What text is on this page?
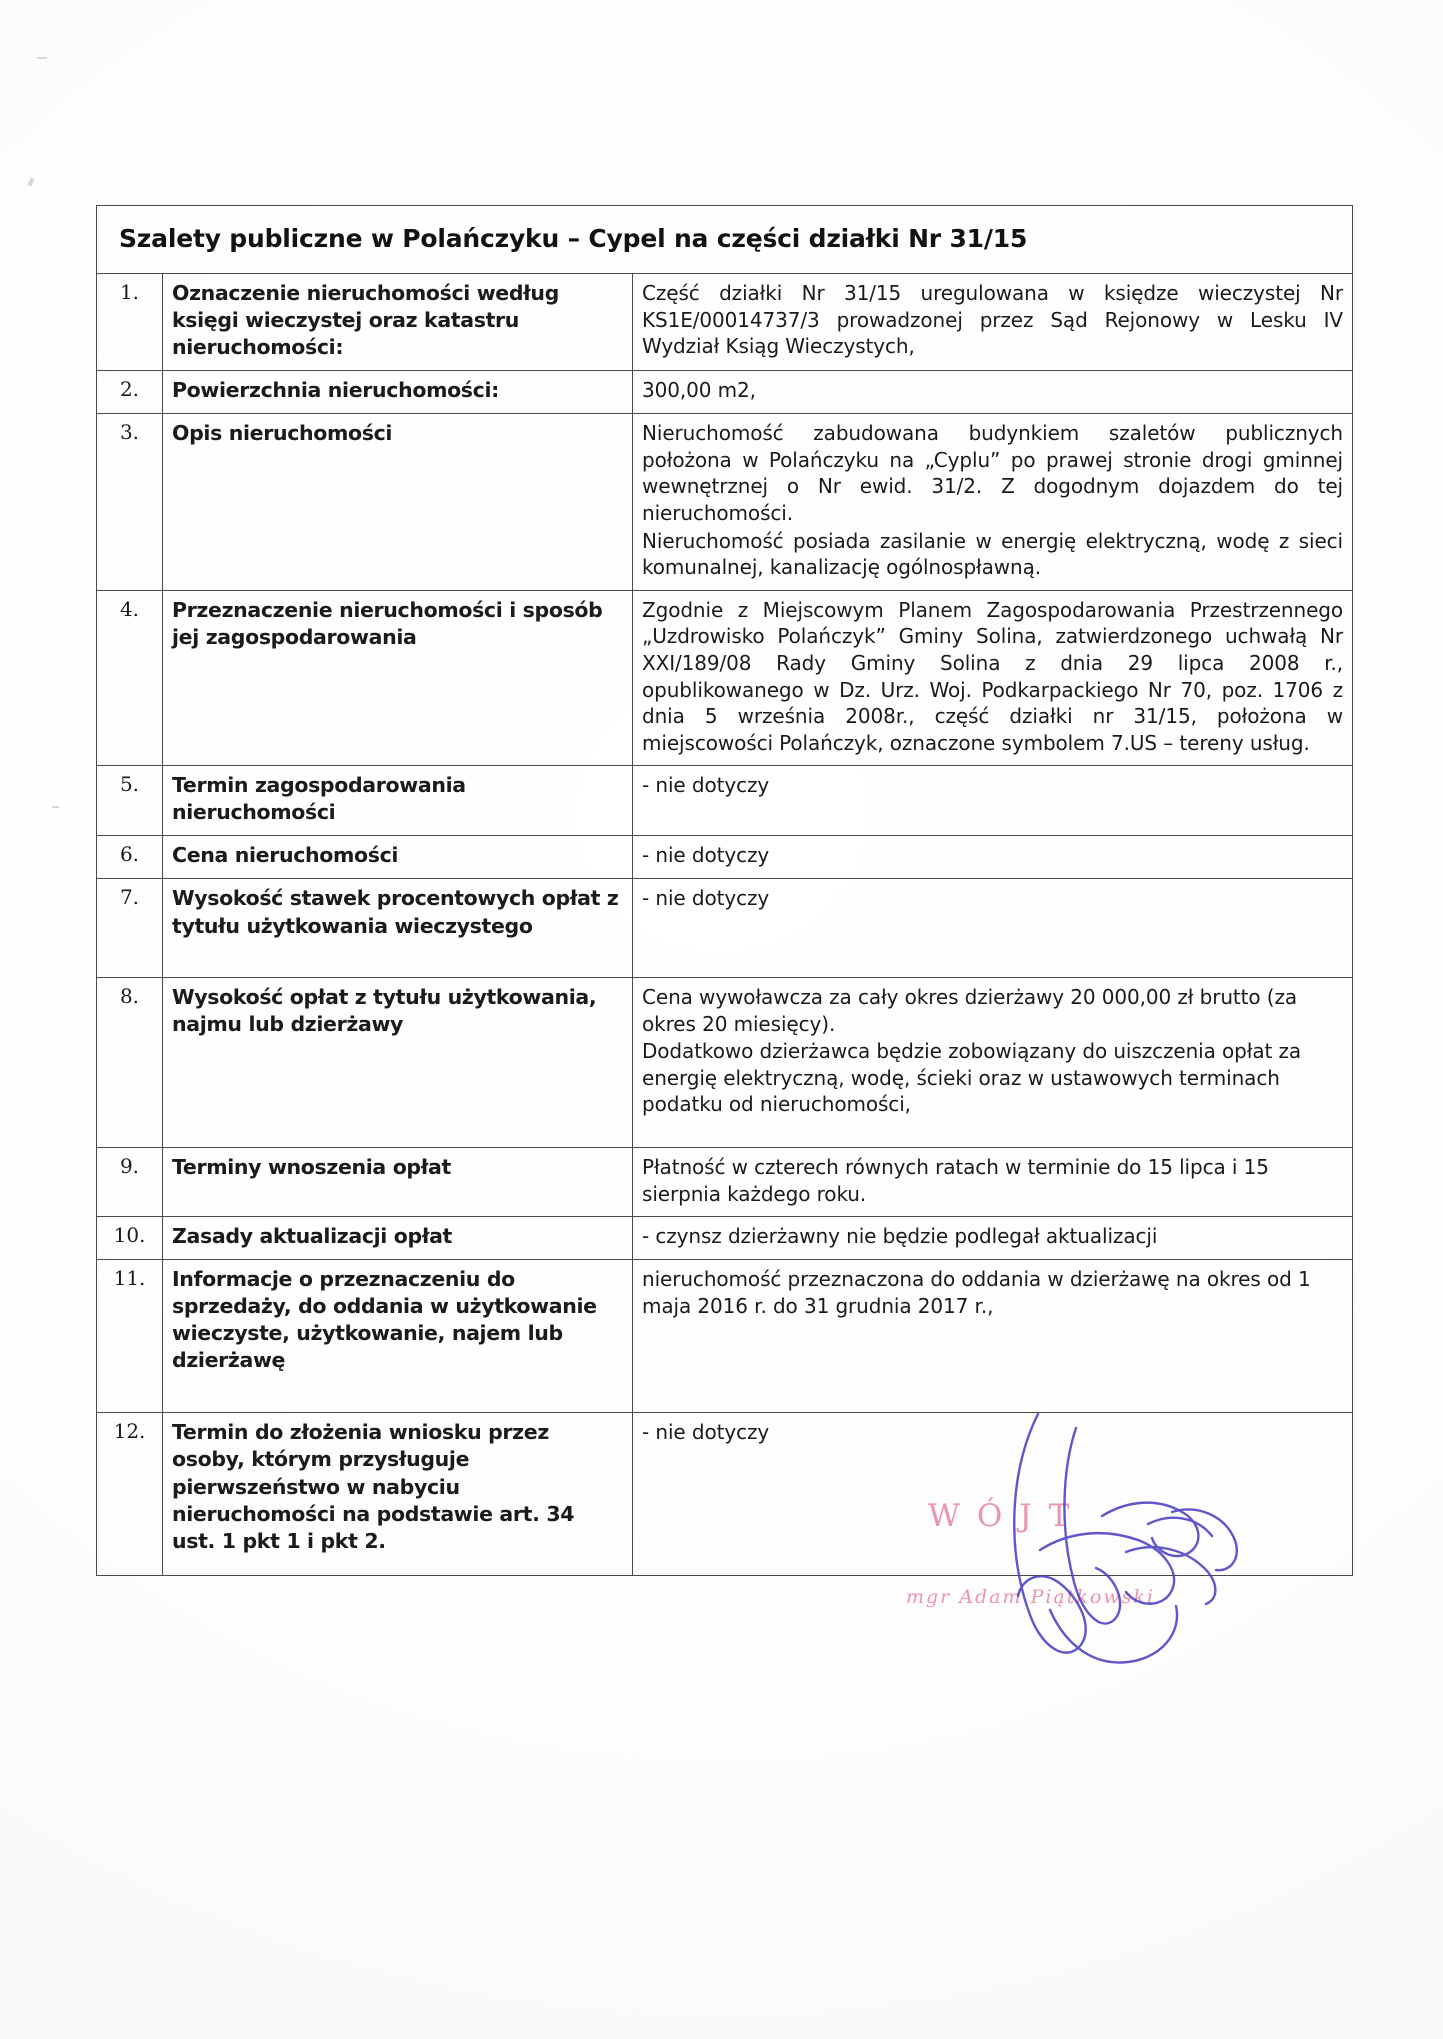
Szalety publiczne w Polańczyku – Cypel na części działki Nr 31/15		

1.	Oznaczenie nieruchomości według księgi wieczystej oraz katastru nieruchomości:	Część działki Nr 31/15 uregulowana w księdze wieczystej Nr KS1E/00014737/3 prowadzonej przez Sąd Rejonowy w Lesku IV Wydział Ksiąg Wieczystych,
2.	Powierzchnia nieruchomości:	300,00 m2,
3.	Opis nieruchomości	Nieruchomość zabudowana budynkiem szaletów publicznych położona w Polańczyku na „Cyplu” po prawej stronie drogi gminnej wewnętrznej o Nr ewid. 31/2. Z dogodnym dojazdem do tej nieruchomości.

Nieruchomość posiada zasilanie w energię elektryczną, wodę z sieci komunalnej, kanalizację ogólnospławną.

4.	Przeznaczenie nieruchomości i sposób jej zagospodarowania	Zgodnie z Miejscowym Planem Zagospodarowania Przestrzennego „Uzdrowisko Polańczyk” Gminy Solina, zatwierdzonego uchwałą Nr XXI/189/08 Rady Gminy Solina z dnia 29 lipca 2008 r., opublikowanego w Dz. Urz. Woj. Podkarpackiego Nr 70, poz. 1706 z dnia 5 września 2008r., część działki nr 31/15, położona w miejscowości Polańczyk, oznaczone symbolem 7.US – tereny usług.
5.	Termin zagospodarowania nieruchomości	- nie dotyczy

6.	Cena nieruchomości	- nie dotyczy
7.	Wysokość stawek procentowych opłat z tytułu użytkowania wieczystego	- nie dotyczy

8.	Wysokość opłat z tytułu użytkowania, najmu lub dzierżawy	Cena wywoławcza za cały okres dzierżawy 20 000,00 zł brutto (za okres 20 miesięcy).

Dodatkowo dzierżawca będzie zobowiązany do uiszczenia opłat za energię elektryczną, wodę, ścieki oraz w ustawowych terminach podatku od nieruchomości,

9.	Terminy wnoszenia opłat	Płatność w czterech równych ratach w terminie do 15 lipca i 15 sierpnia każdego roku.
10.	Zasady aktualizacji opłat	- czynsz dzierżawny nie będzie podlegał aktualizacji
11.	Informacje o przeznaczeniu do sprzedaży, do oddania w użytkowanie wieczyste, użytkowanie, najem lub dzierżawę	nieruchomość przeznaczona do oddania w dzierżawę na okres od 1 maja 2016 r. do 31 grudnia 2017 r.,

12.	Termin do złożenia wniosku przez osoby, którym przysługuje pierwszeństwo w nabyciu nieruchomości na podstawie art. 34 ust. 1 pkt 1 i pkt 2.	- nie dotyczy

WÓJT
mgr Adam Piątkowski
